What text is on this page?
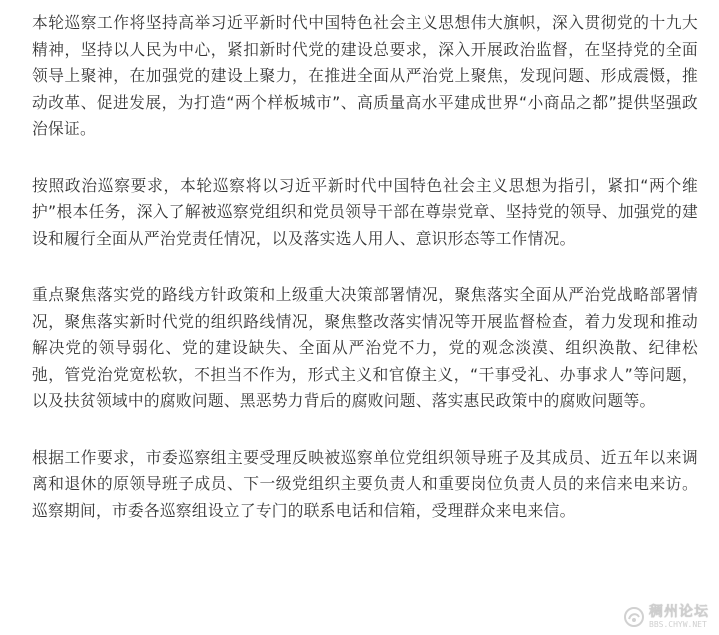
本轮巡察工作将坚持高举习近平新时代中国特色社会主义思想伟大旗帜，深入贯彻党的十九大精神，坚持以人民为中心，紧扣新时代党的建设总要求，深入开展政治监督，在坚持党的全面领导上聚神，在加强党的建设上聚力，在推进全面从严治党上聚焦，发现问题、形成震慑，推动改革、促进发展，为打造“两个样板城市”、高质量高水平建成世界“小商品之都”提供坚强政治保证。

按照政治巡察要求，本轮巡察将以习近平新时代中国特色社会主义思想为指引，紧扣“两个维护”根本任务，深入了解被巡察党组织和党员领导干部在尊崇党章、坚持党的领导、加强党的建设和履行全面从严治党责任情况，以及落实选人用人、意识形态等工作情况。

重点聚焦落实党的路线方针政策和上级重大决策部署情况，聚焦落实全面从严治党战略部署情况，聚焦落实新时代党的组织路线情况，聚焦整改落实情况等开展监督检查，着力发现和推动解决党的领导弱化、党的建设缺失、全面从严治党不力，党的观念淡漠、组织涣散、纪律松弛，管党治党宽松软，不担当不作为，形式主义和官僚主义，“干事受礼、办事求人”等问题，以及扶贫领域中的腐败问题、黑恶势力背后的腐败问题、落实惠民政策中的腐败问题等。

根据工作要求，市委巡察组主要受理反映被巡察单位党组织领导班子及其成员、近五年以来调离和退休的原领导班子成员、下一级党组织主要负责人和重要岗位负责人员的来信来电来访。巡察期间，市委各巡察组设立了专门的联系电话和信箱，受理群众来电来信。

稠州论坛
BBS.CHYW.NET
